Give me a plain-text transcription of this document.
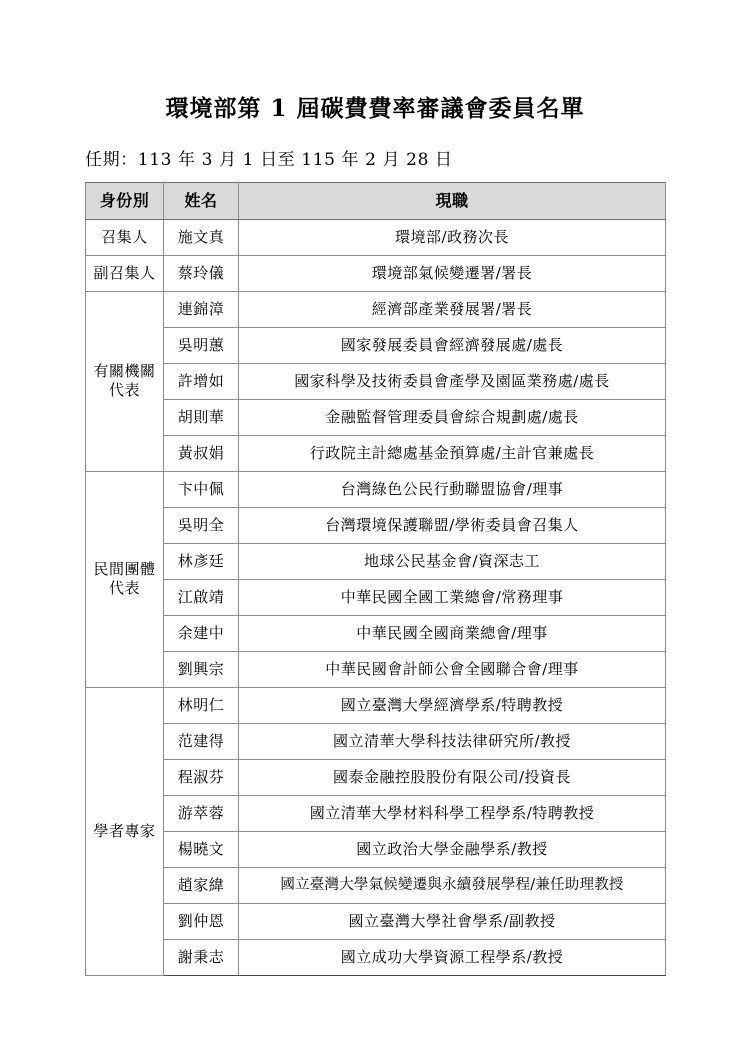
環境部第 1 屆碳費費率審議會委員名單

任期：113 年 3 月 1 日至 115 年 2 月 28 日

身份別	姓名	現職

召集人	施文真	環境部/政務次長

副召集人	蔡玲儀	環境部氣候變遷署/署長

有關機關
代表	連錦漳	經濟部產業發展署/署長
	吳明蕙	國家發展委員會經濟發展處/處長
	許增如	國家科學及技術委員會產學及園區業務處/處長
	胡則華	金融監督管理委員會綜合規劃處/處長
	黃叔娟	行政院主計總處基金預算處/主計官兼處長

民間團體
代表	卞中佩	台灣綠色公民行動聯盟協會/理事
	吳明全	台灣環境保護聯盟/學術委員會召集人
	林彥廷	地球公民基金會/資深志工
	江啟靖	中華民國全國工業總會/常務理事
	余建中	中華民國全國商業總會/理事
	劉興宗	中華民國會計師公會全國聯合會/理事

學者專家	林明仁	國立臺灣大學經濟學系/特聘教授
	范建得	國立清華大學科技法律研究所/教授
	程淑芬	國泰金融控股股份有限公司/投資長
	游萃蓉	國立清華大學材料科學工程學系/特聘教授
	楊曉文	國立政治大學金融學系/教授
	趙家緯	國立臺灣大學氣候變遷與永續發展學程/兼任助理教授
	劉仲恩	國立臺灣大學社會學系/副教授
	謝秉志	國立成功大學資源工程學系/教授
